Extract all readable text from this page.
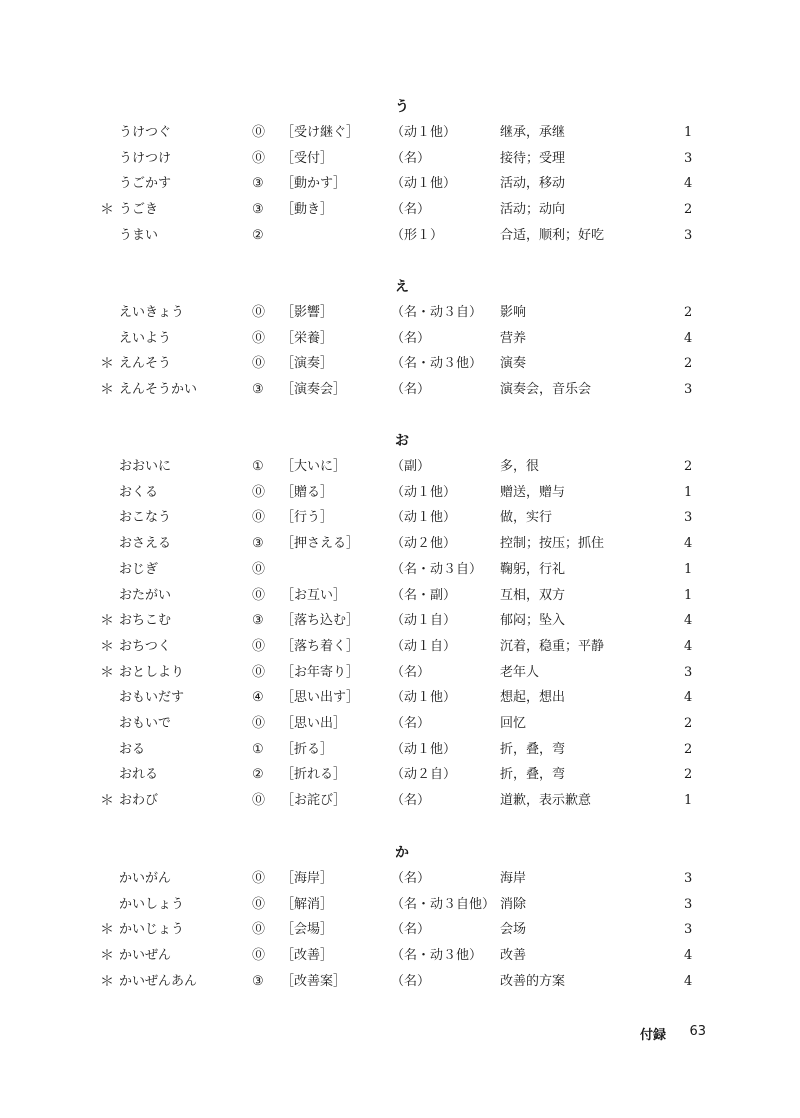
う
うけつぐ	⓪ ［受け継ぐ］ （动１他）	继承，承继	1
うけつけ	⓪ ［受付］	（名）	接待；受理	3
うごかす	③ ［動かす］	（动１他）	活动，移动	4
＊ うごき	③ ［動き］	（名）	活动；动向	2
うまい	②	（形１）	合适，顺利；好吃	3
え
えいきょう	⓪ ［影響］	（名・动３自） 影响	2
えいよう	⓪ ［栄養］	（名）	营养	4
＊ えんそう	⓪ ［演奏］	（名・动３他） 演奏	2
＊ えんそうかい	③ ［演奏会］	（名）	演奏会，音乐会	3
お
おおいに	① ［大いに］	（副）	多，很	2
おくる	⓪ ［贈る］	（动１他）	赠送，赠与	1
おこなう	⓪ ［行う］	（动１他）	做，实行	3
おさえる	③ ［押さえる］ （动２他）	控制；按压；抓住	4
おじぎ	⓪	（名・动３自） 鞠躬，行礼	1
おたがい	⓪ ［お互い］	（名・副）	互相，双方	1
＊ おちこむ	③ ［落ち込む］ （动１自）	郁闷；坠入	4
＊ おちつく	⓪ ［落ち着く］ （动１自）	沉着，稳重；平静	4
＊ おとしより	⓪ ［お年寄り］ （名）	老年人	3
おもいだす	④ ［思い出す］ （动１他）	想起，想出	4
おもいで	⓪ ［思い出］	（名）	回忆	2
おる	① ［折る］	（动１他）	折，叠，弯	2
おれる	② ［折れる］	（动２自）	折，叠，弯	2
＊ おわび	⓪ ［お詫び］	（名）	道歉，表示歉意	1
か
かいがん	⓪ ［海岸］	（名）	海岸	3
かいしょう	⓪ ［解消］	（名・动３自他） 消除	3
＊ かいじょう	⓪ ［会場］	（名）	会场	3
＊ かいぜん	⓪ ［改善］	（名・动３他） 改善	4
＊ かいぜんあん	③ ［改善案］	（名）	改善的方案	4
付録 63
